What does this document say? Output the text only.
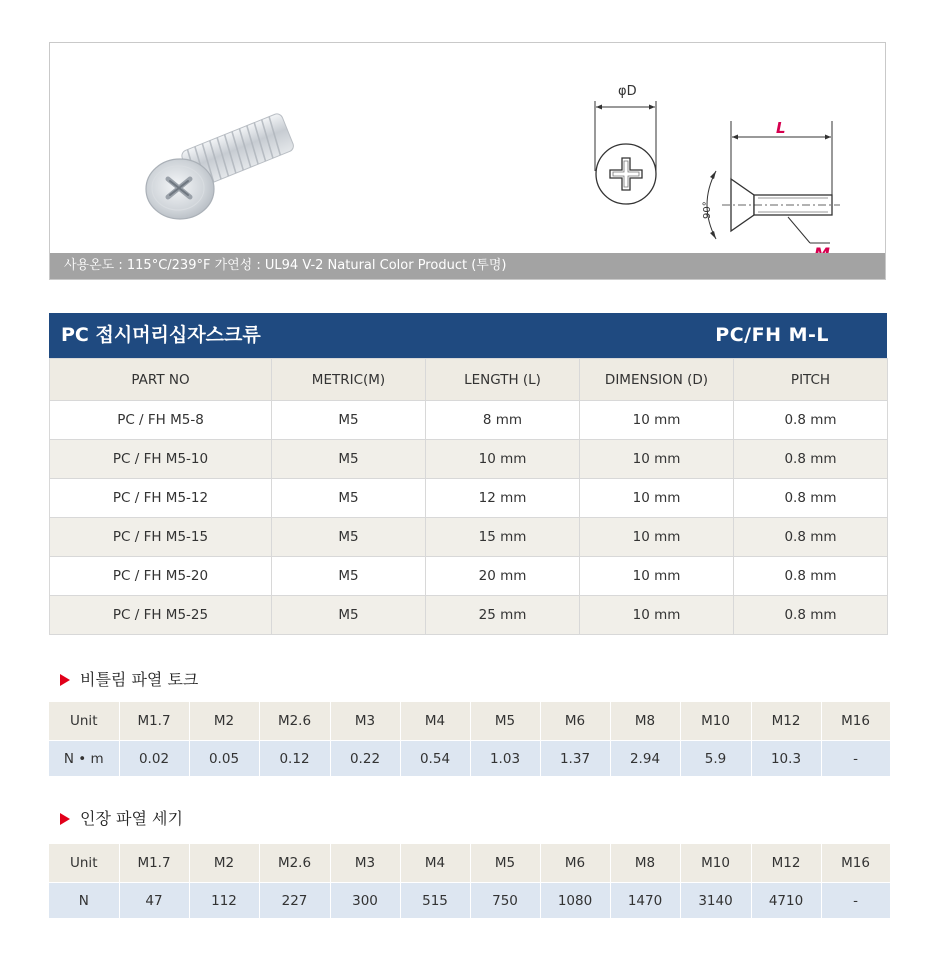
φD
L
90°
사용온도 : 115°C/239°F 가연성 : UL94 V-2 Natural Color Product (투명)
PC 접시머리십자스크류	PC/FH M-L
PART NO	METRIC(M)	LENGTH (L)	DIMENSION (D)	PITCH
PC / FH M5-8	M5	8 mm	10 mm	0.8 mm
PC / FH M5-10	M5	10 mm	10 mm	0.8 mm
PC / FH M5-12	M5	12 mm	10 mm	0.8 mm
PC / FH M5-15	M5	15 mm	10 mm	0.8 mm
PC / FH M5-20	M5	20 mm	10 mm	0.8 mm
PC / FH M5-25	M5	25 mm	10 mm	0.8 mm
비틀림 파열 토크
Unit	M1.7	M2	M2.6	M3	M4	M5	M6	M8	M10	M12	M16
N • m	0.02	0.05	0.12	0.22	0.54	1.03	1.37	2.94	5.9	10.3	-
인장 파열 세기
Unit	M1.7	M2	M2.6	M3	M4	M5	M6	M8	M10	M12	M16
N	47	112	227	300	515	750	1080	1470	3140	4710	-
